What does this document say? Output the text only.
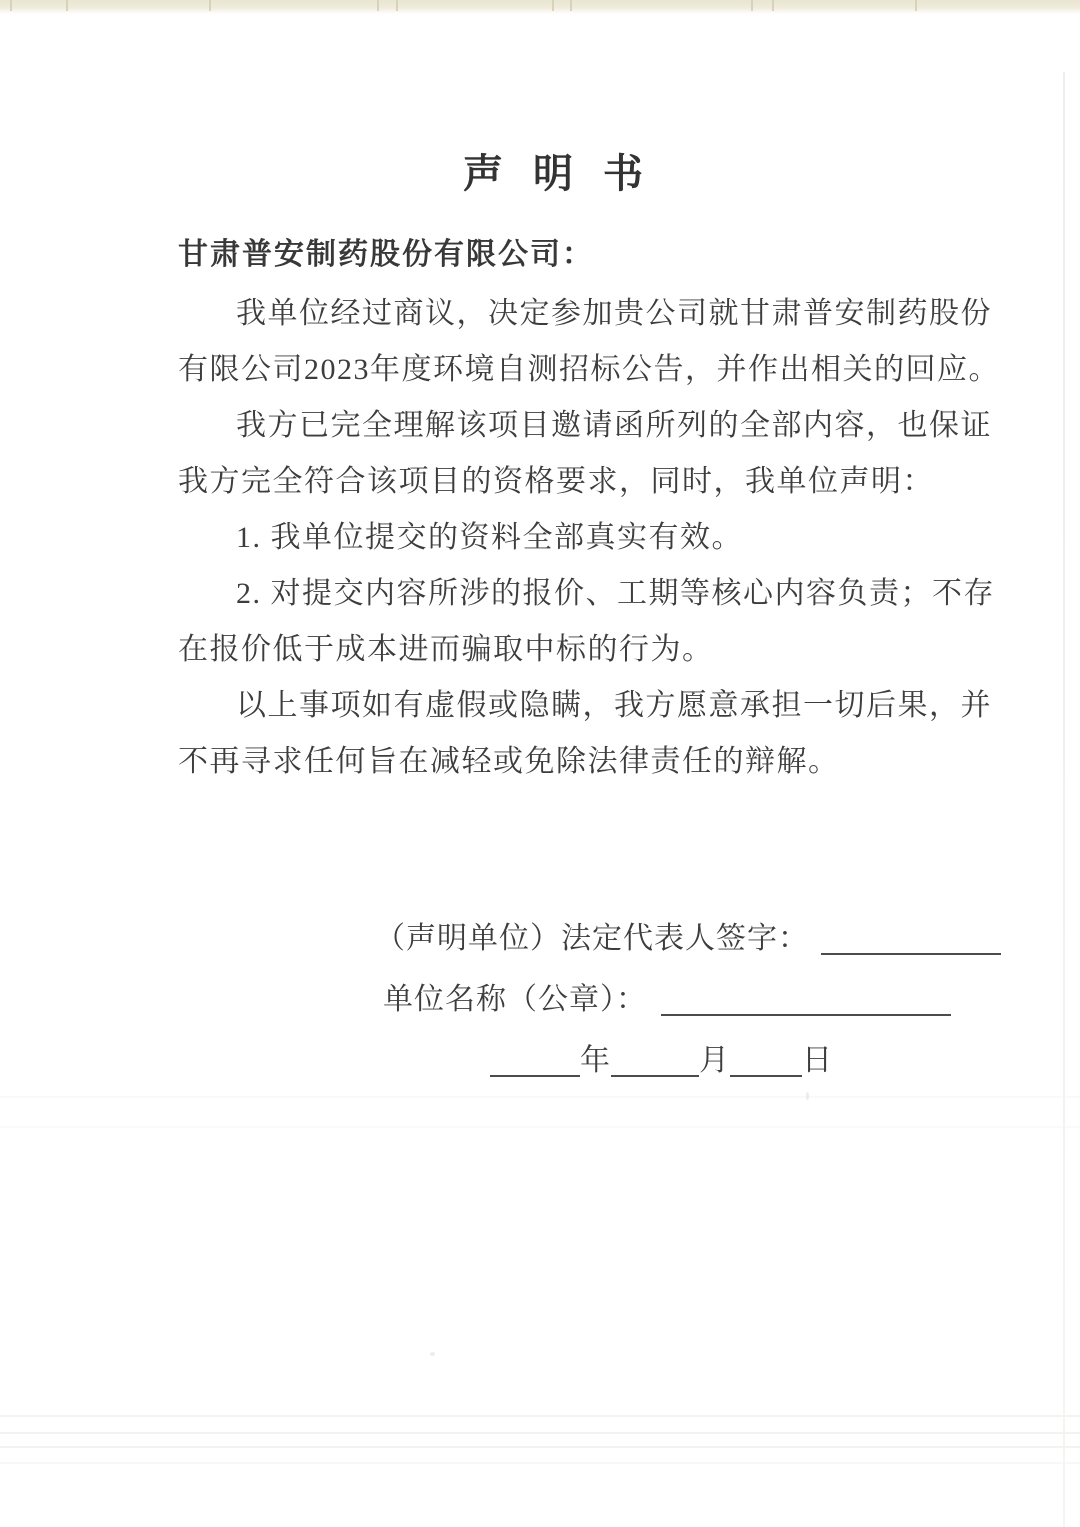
声明书
甘肃普安制药股份有限公司：
我单位经过商议，决定参加贵公司就甘肃普安制药股份
有限公司2023年度环境自测招标公告，并作出相关的回应。
我方已完全理解该项目邀请函所列的全部内容，也保证
我方完全符合该项目的资格要求，同时，我单位声明：
1. 我单位提交的资料全部真实有效。
2. 对提交内容所涉的报价、工期等核心内容负责；不存
在报价低于成本进而骗取中标的行为。
以上事项如有虚假或隐瞒，我方愿意承担一切后果，并
不再寻求任何旨在减轻或免除法律责任的辩解。
（声明单位）法定代表人签字：
单位名称（公章）：
年	月 日
